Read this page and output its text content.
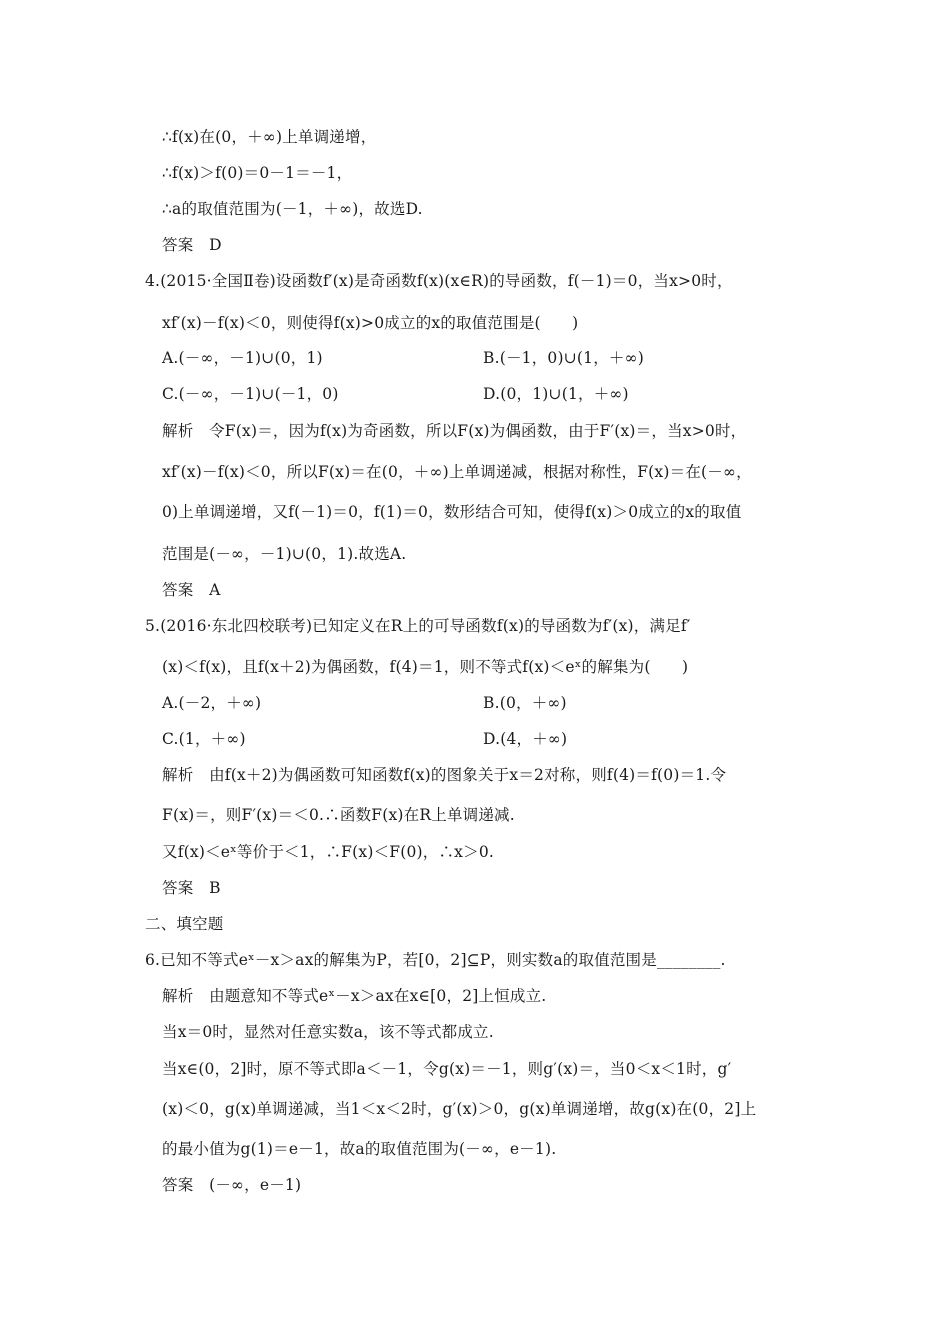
∴f(x)在(0，＋∞)上单调递增，
∴f(x)＞f(0)＝0－1＝－1，
∴a的取值范围为(－1，＋∞)，故选D.
答案　D
4.(2015·全国Ⅱ卷)设函数f′(x)是奇函数f(x)(x∈R)的导函数，f(－1)＝0，当x>0时，
xf′(x)－f(x)＜0，则使得f(x)>0成立的x的取值范围是(　　)
A.(－∞，－1)∪(0，1)	B.(－1，0)∪(1，＋∞)
C.(－∞，－1)∪(－1，0)	D.(0，1)∪(1，＋∞)
解析　令F(x)＝，因为f(x)为奇函数，所以F(x)为偶函数，由于F′(x)＝，当x>0时，
xf′(x)－f(x)＜0，所以F(x)＝在(0，＋∞)上单调递减，根据对称性，F(x)＝在(－∞，
0)上单调递增，又f(－1)＝0，f(1)＝0，数形结合可知，使得f(x)＞0成立的x的取值
范围是(－∞，－1)∪(0，1).故选A.
答案　A
5.(2016·东北四校联考)已知定义在R上的可导函数f(x)的导函数为f′(x)，满足f′
(x)＜f(x)，且f(x＋2)为偶函数，f(4)＝1，则不等式f(x)＜eˣ的解集为(　　)
A.(－2，＋∞)	B.(0，＋∞)
C.(1，＋∞)	D.(4，＋∞)
解析　由f(x＋2)为偶函数可知函数f(x)的图象关于x＝2对称，则f(4)＝f(0)＝1.令
F(x)＝，则F′(x)＝＜0.∴函数F(x)在R上单调递减.
又f(x)＜eˣ等价于＜1，∴F(x)＜F(0)，∴x＞0.
答案　B
二、填空题
6.已知不等式eˣ－x＞ax的解集为P，若[0，2]⊆P，则实数a的取值范围是________.
解析　由题意知不等式eˣ－x＞ax在x∈[0，2]上恒成立.
当x＝0时，显然对任意实数a，该不等式都成立.
当x∈(0，2]时，原不等式即a＜－1，令g(x)＝－1，则g′(x)＝，当0＜x＜1时，g′
(x)＜0，g(x)单调递减，当1＜x＜2时，g′(x)＞0，g(x)单调递增，故g(x)在(0，2]上
的最小值为g(1)＝e－1，故a的取值范围为(－∞，e－1).
答案　(－∞，e－1)
